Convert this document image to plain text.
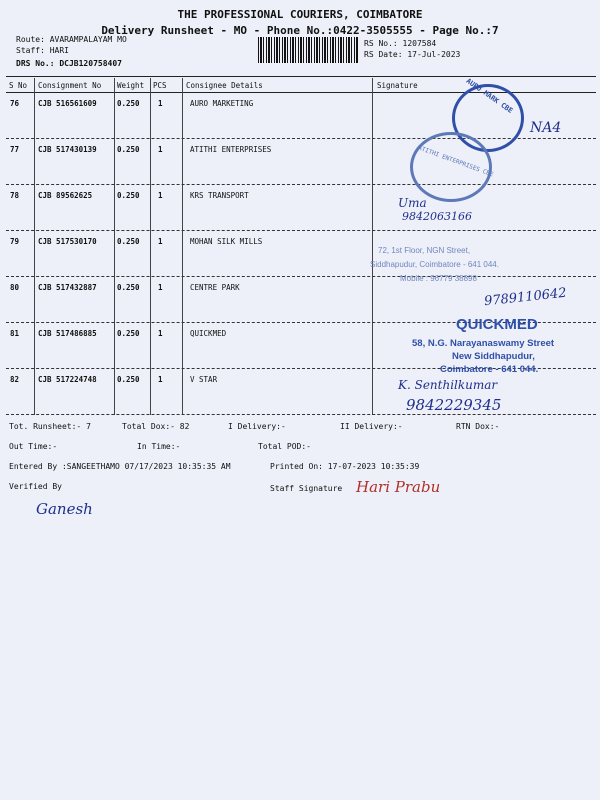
THE PROFESSIONAL COURIERS, COIMBATORE
Delivery Runsheet - MO - Phone No.:0422-3505555 - Page No.:7
Route: AVARAMPALAYAM MO
Staff: HARI
DRS No.: DCJB120758407
RS No.: 1207584
RS Date: 17-Jul-2023
S No Consignment No Weight PCS	Consignee Details	Signature
76	CJB 516561609	0.250 1	AURO MARKETING
77	CJB 517430139	0.250 1	ATITHI ENTERPRISES
78	CJB 89562625	0.250 1	KRS TRANSPORT
79	CJB 517530170	0.250 1	MOHAN SILK MILLS
80	CJB 517432887	0.250 1	CENTRE PARK
81	CJB 517486885	0.250 1	QUICKMED
82	CJB 517224748	0.250 1	V STAR
Tot. Runsheet:- 7	Total Dox:- 82	I Delivery:-	II Delivery:-	RTN Dox:-
Out Time:-	In Time:-	Total POD:-
Entered By :SANGEETHAMO 07/17/2023 10:35:35 AM	Printed On: 17-07-2023 10:35:39
Verified By	Staff Signature
AURO MARK CBE
ATITHI ENTERPRISES CBE
72, 1st Floor, NGN Street,
Siddhapudur, Coimbatore - 641 044.
Mobile : 96779 38898
QUICKMED
58, N.G. Narayanaswamy Street
New Siddhapudur,
Coimbatore - 641 044.
NA4
Uma
9842063166
9789110642
K. Senthilkumar
9842229345
Hari Prabu
Ganesh
